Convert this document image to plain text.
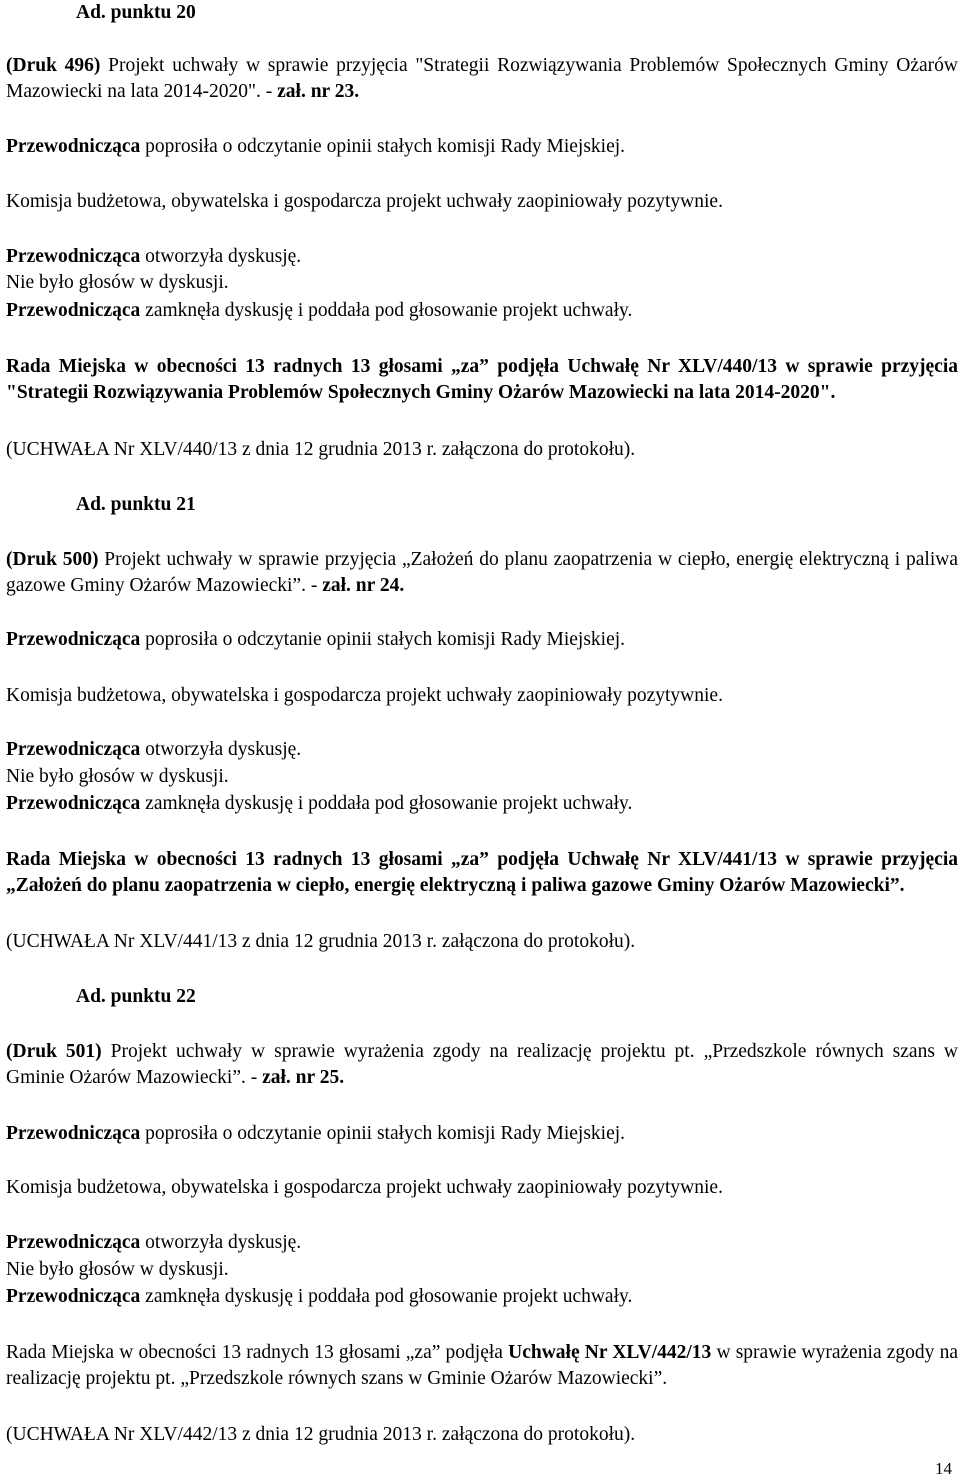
Ad. punktu 20

(Druk 496) Projekt uchwały w sprawie przyjęcia "Strategii Rozwiązywania Problemów Społecznych Gminy Ożarów Mazowiecki na lata 2014-2020". - zał. nr 23.

Przewodnicząca poprosiła o odczytanie opinii stałych komisji Rady Miejskiej.

Komisja budżetowa, obywatelska i gospodarcza projekt uchwały zaopiniowały pozytywnie.

Przewodnicząca otworzyła dyskusję.

Nie było głosów w dyskusji.

Przewodnicząca zamknęła dyskusję i poddała pod głosowanie projekt uchwały.

Rada Miejska w obecności 13 radnych 13 głosami „za” podjęła Uchwałę Nr XLV/440/13 w sprawie przyjęcia "Strategii Rozwiązywania Problemów Społecznych Gminy Ożarów Mazowiecki na lata 2014-2020".

(UCHWAŁA Nr XLV/440/13 z dnia 12 grudnia 2013 r. załączona do protokołu).

Ad. punktu 21

(Druk 500) Projekt uchwały w sprawie przyjęcia „Założeń do planu zaopatrzenia w ciepło, energię elektryczną i paliwa gazowe Gminy Ożarów Mazowiecki”. - zał. nr 24.

Przewodnicząca poprosiła o odczytanie opinii stałych komisji Rady Miejskiej.

Komisja budżetowa, obywatelska i gospodarcza projekt uchwały zaopiniowały pozytywnie.

Przewodnicząca otworzyła dyskusję.

Nie było głosów w dyskusji.

Przewodnicząca zamknęła dyskusję i poddała pod głosowanie projekt uchwały.

Rada Miejska w obecności 13 radnych 13 głosami „za” podjęła Uchwałę Nr XLV/441/13 w sprawie przyjęcia „Założeń do planu zaopatrzenia w ciepło, energię elektryczną i paliwa gazowe Gminy Ożarów Mazowiecki”.

(UCHWAŁA Nr XLV/441/13 z dnia 12 grudnia 2013 r. załączona do protokołu).

Ad. punktu 22

(Druk 501) Projekt uchwały w sprawie wyrażenia zgody na realizację projektu pt. „Przedszkole równych szans w Gminie Ożarów Mazowiecki”. - zał. nr 25.

Przewodnicząca poprosiła o odczytanie opinii stałych komisji Rady Miejskiej.

Komisja budżetowa, obywatelska i gospodarcza projekt uchwały zaopiniowały pozytywnie.

Przewodnicząca otworzyła dyskusję.

Nie było głosów w dyskusji.

Przewodnicząca zamknęła dyskusję i poddała pod głosowanie projekt uchwały.

Rada Miejska w obecności 13 radnych 13 głosami „za” podjęła Uchwałę Nr XLV/442/13 w sprawie wyrażenia zgody na realizację projektu pt. „Przedszkole równych szans w Gminie Ożarów Mazowiecki”.

(UCHWAŁA Nr XLV/442/13 z dnia 12 grudnia 2013 r. załączona do protokołu).

14
